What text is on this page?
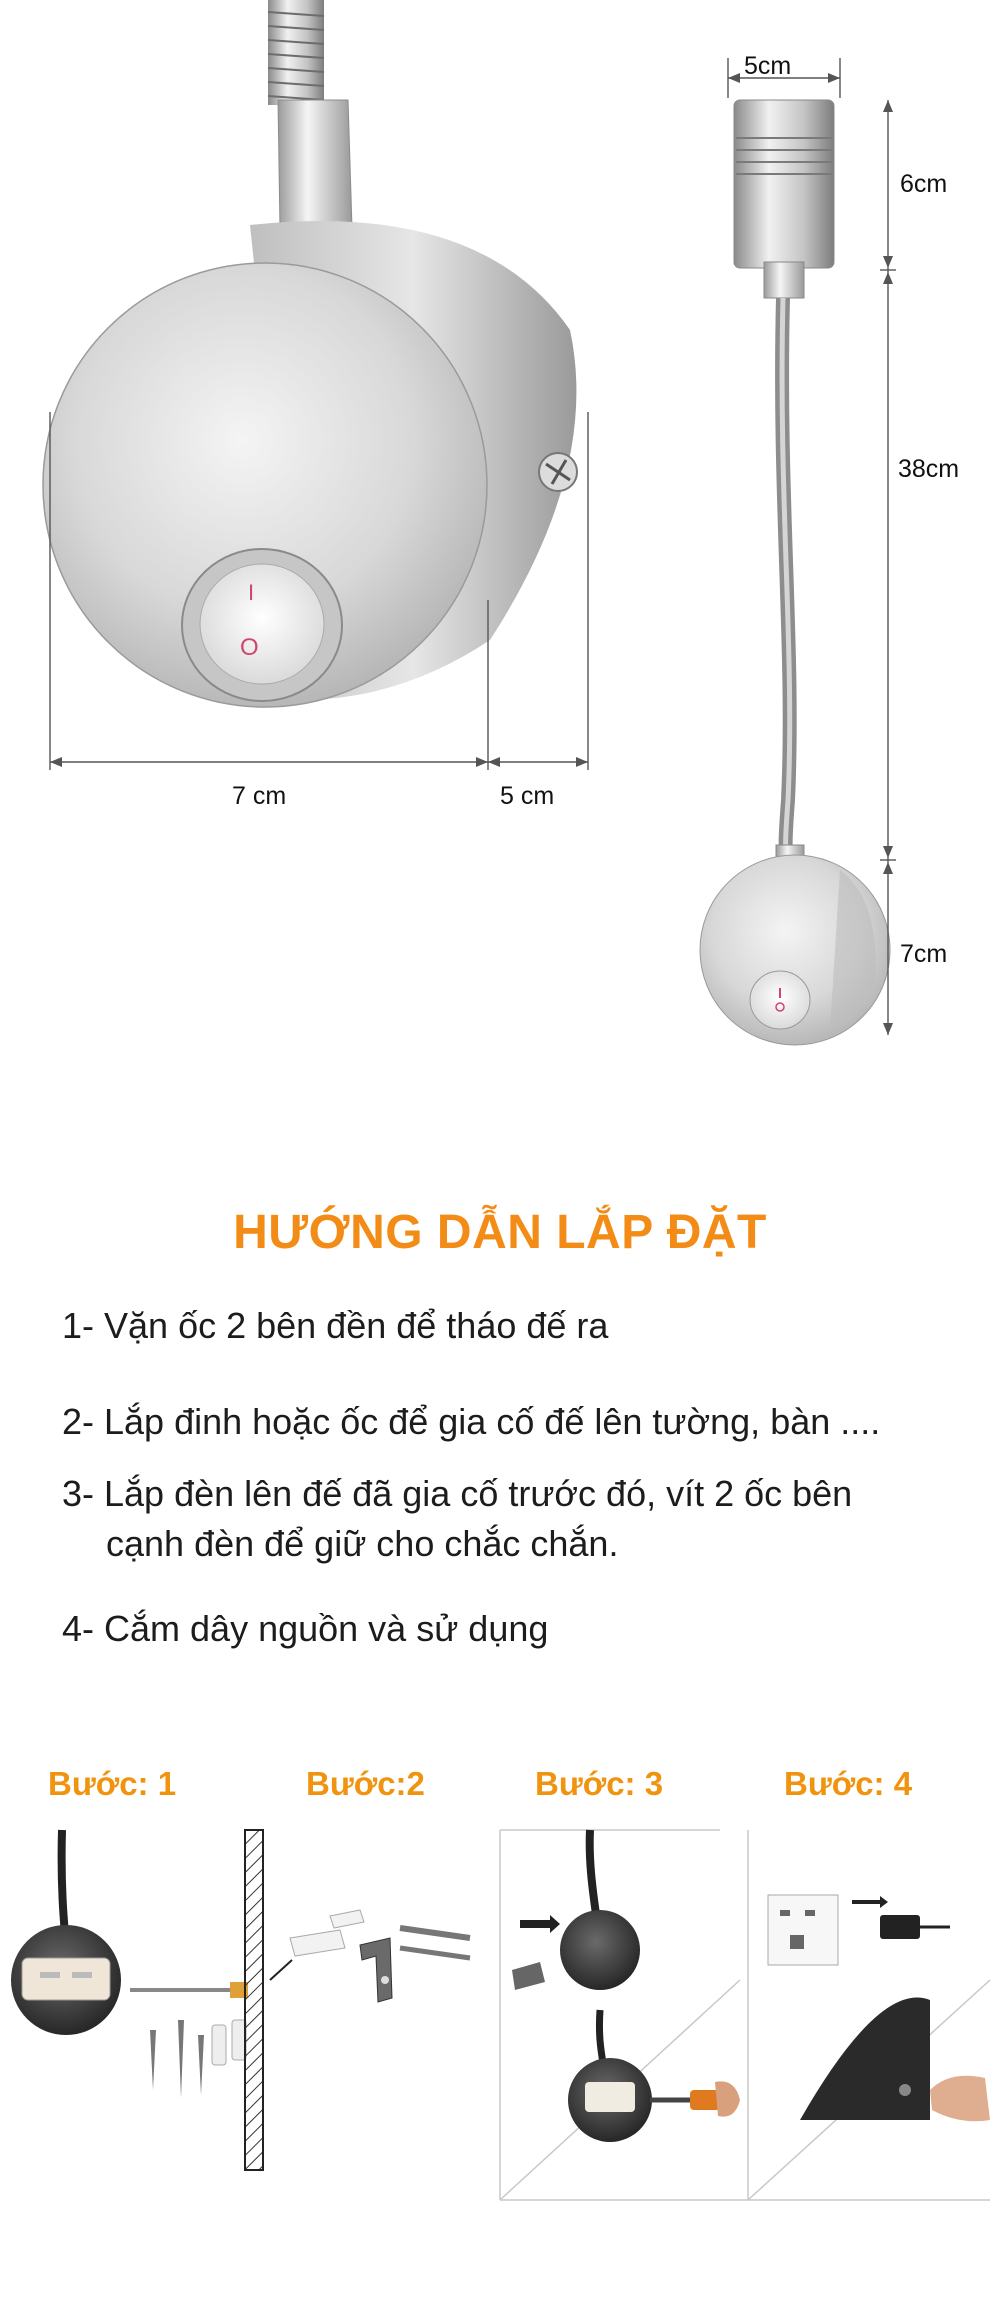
I
O
5cm
6cm
38cm
7cm
7 cm	5 cm
HƯỚNG DẪN LẮP ĐẶT
1- Vặn ốc 2 bên đền để tháo đế ra
2- Lắp đinh hoặc ốc để gia cố đế lên tường, bàn ....
3- Lắp đèn lên đế đã gia cố trước đó, vít 2 ốc bên
cạnh đèn để giữ cho chắc chắn.
4- Cắm dây nguồn và sử dụng
Bước: 1	Bước:2	Bước: 3	Bước: 4
